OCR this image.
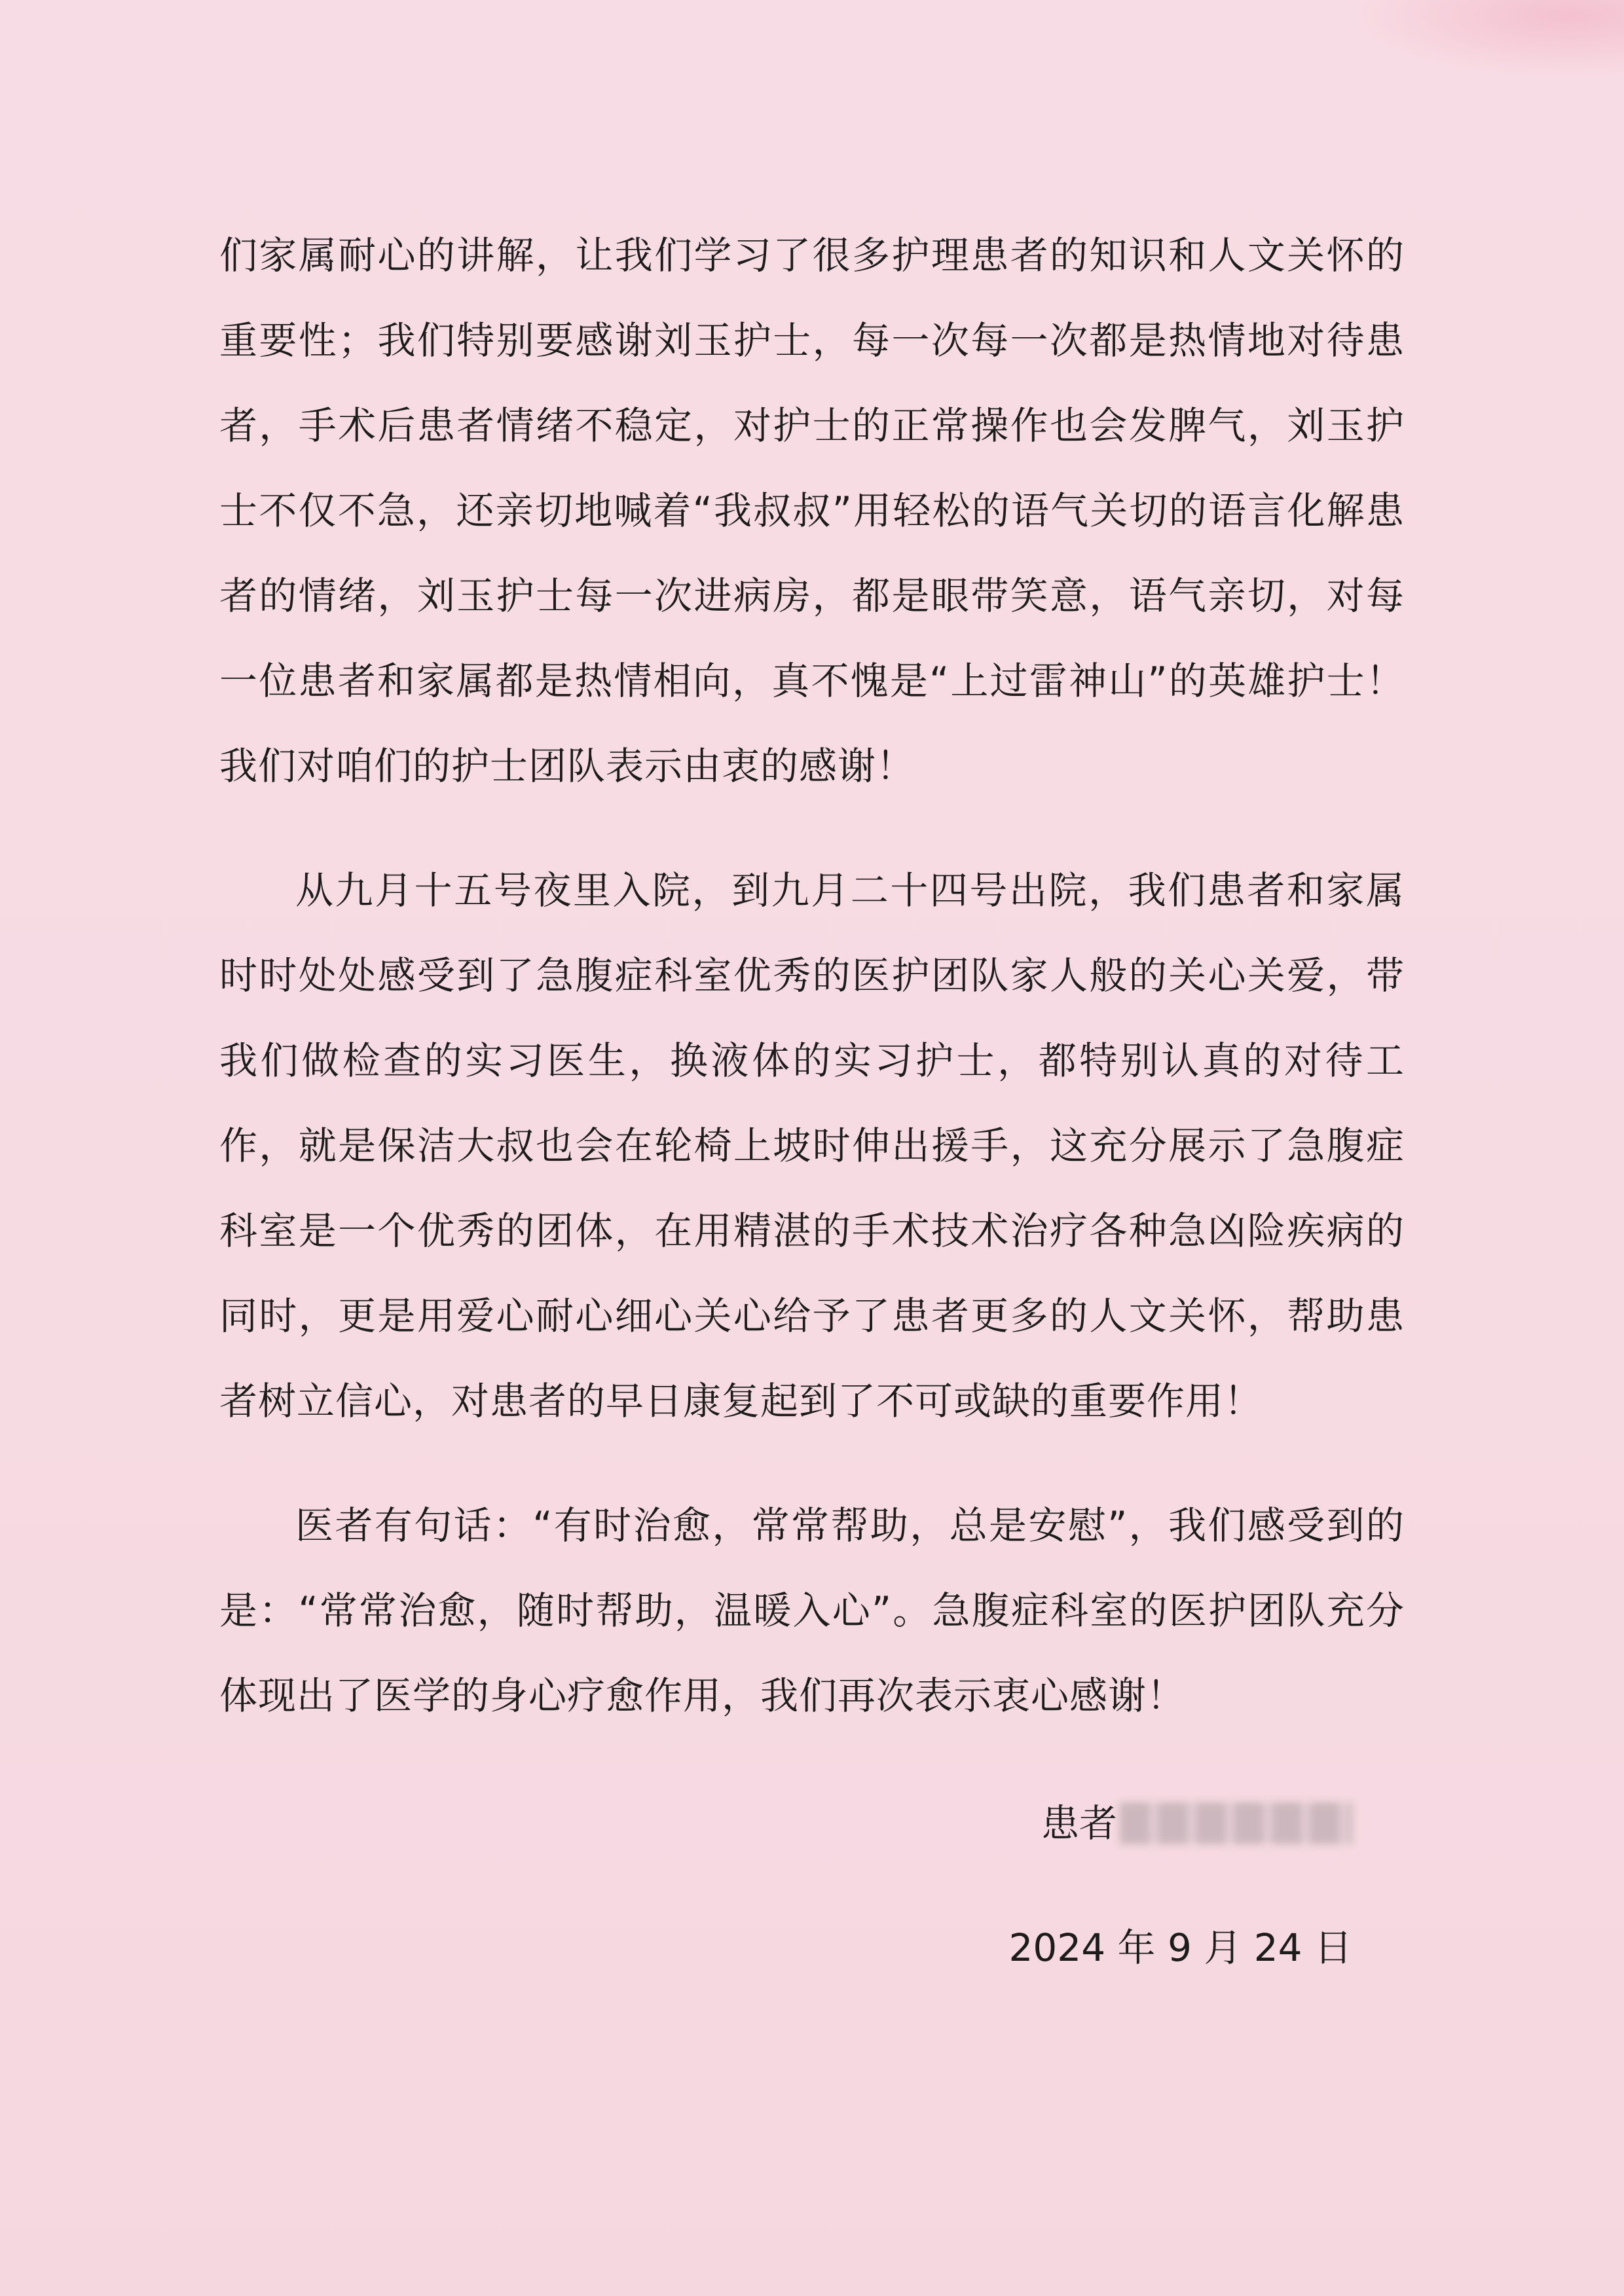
们家属耐心的讲解，让我们学习了很多护理患者的知识和人文关怀的重要性；我们特别要感谢刘玉护士，每一次每一次都是热情地对待患者，手术后患者情绪不稳定，对护士的正常操作也会发脾气，刘玉护士不仅不急，还亲切地喊着“我叔叔”用轻松的语气关切的语言化解患者的情绪，刘玉护士每一次进病房，都是眼带笑意，语气亲切，对每一位患者和家属都是热情相向，真不愧是“上过雷神山”的英雄护士！我们对咱们的护士团队表示由衷的感谢！

从九月十五号夜里入院，到九月二十四号出院，我们患者和家属时时处处感受到了急腹症科室优秀的医护团队家人般的关心关爱，带我们做检查的实习医生，换液体的实习护士，都特别认真的对待工作，就是保洁大叔也会在轮椅上坡时伸出援手，这充分展示了急腹症科室是一个优秀的团体，在用精湛的手术技术治疗各种急凶险疾病的同时，更是用爱心耐心细心关心给予了患者更多的人文关怀，帮助患者树立信心，对患者的早日康复起到了不可或缺的重要作用！

医者有句话：“有时治愈，常常帮助，总是安慰”，我们感受到的是：“常常治愈，随时帮助，温暖入心”。急腹症科室的医护团队充分体现出了医学的身心疗愈作用，我们再次表示衷心感谢！

患者
2024 年 9 月 24 日
